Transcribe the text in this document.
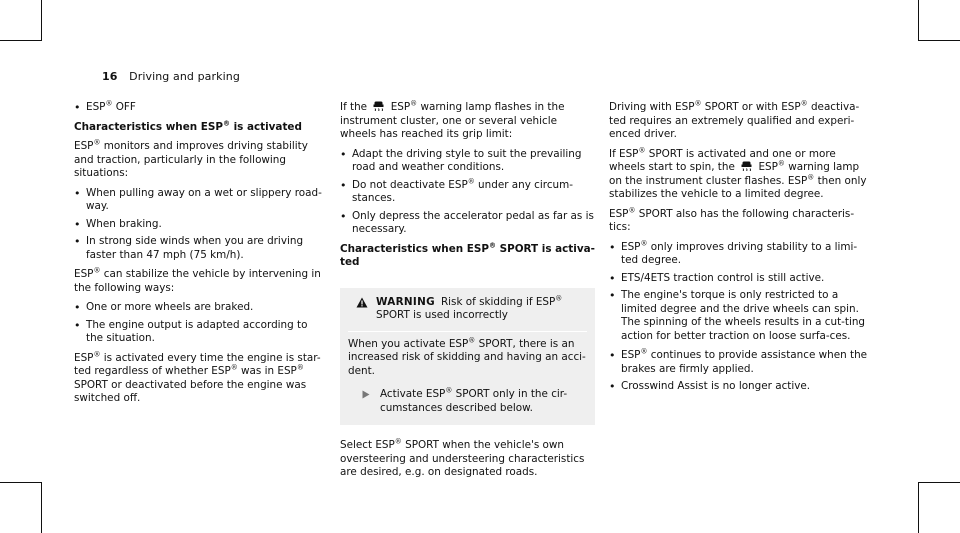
16 Driving and parking
• ESP® OFF
Characteristics when ESP® is activated

ESP® monitors and improves driving stability and traction, particularly in the following situations:

• When pulling away on a wet or slippery road-way.
• When braking.
• In strong side winds when you are driving faster than 47 mph (75 km/h).

ESP® can stabilize the vehicle by intervening in the following ways:

• One or more wheels are braked.
• The engine output is adapted according to the situation.

ESP® is activated every time the engine is star-ted regardless of whether ESP® was in ESP® SPORT or deactivated before the engine was switched off.

If the ESP® warning lamp flashes in the instrument cluster, one or several vehicle wheels has reached its grip limit:

• Adapt the driving style to suit the prevailing road and weather conditions.
• Do not deactivate ESP® under any circum-stances.
• Only depress the accelerator pedal as far as is necessary.
Characteristics when ESP® SPORT is activa-ted
WARNING Risk of skidding if ESP®
SPORT is used incorrectly
When you activate ESP® SPORT, there is an increased risk of skidding and having an acci-dent.
Activate ESP® SPORT only in the cir-cumstances described below.

Select ESP® SPORT when the vehicle's own oversteering and understeering characteristics are desired, e.g. on designated roads.

Driving with ESP® SPORT or with ESP® deactiva-ted requires an extremely qualified and experi-enced driver.

If ESP® SPORT is activated and one or more wheels start to spin, the ESP® warning lamp on the instrument cluster flashes. ESP® then only stabilizes the vehicle to a limited degree.

ESP® SPORT also has the following characteris-tics:

• ESP® only improves driving stability to a limi-ted degree.
• ETS/4ETS traction control is still active.
• The engine's torque is only restricted to a limited degree and the drive wheels can spin.

The spinning of the wheels results in a cut-ting action for better traction on loose surfa-ces.

• ESP® continues to provide assistance when the brakes are firmly applied.
• Crosswind Assist is no longer active.
